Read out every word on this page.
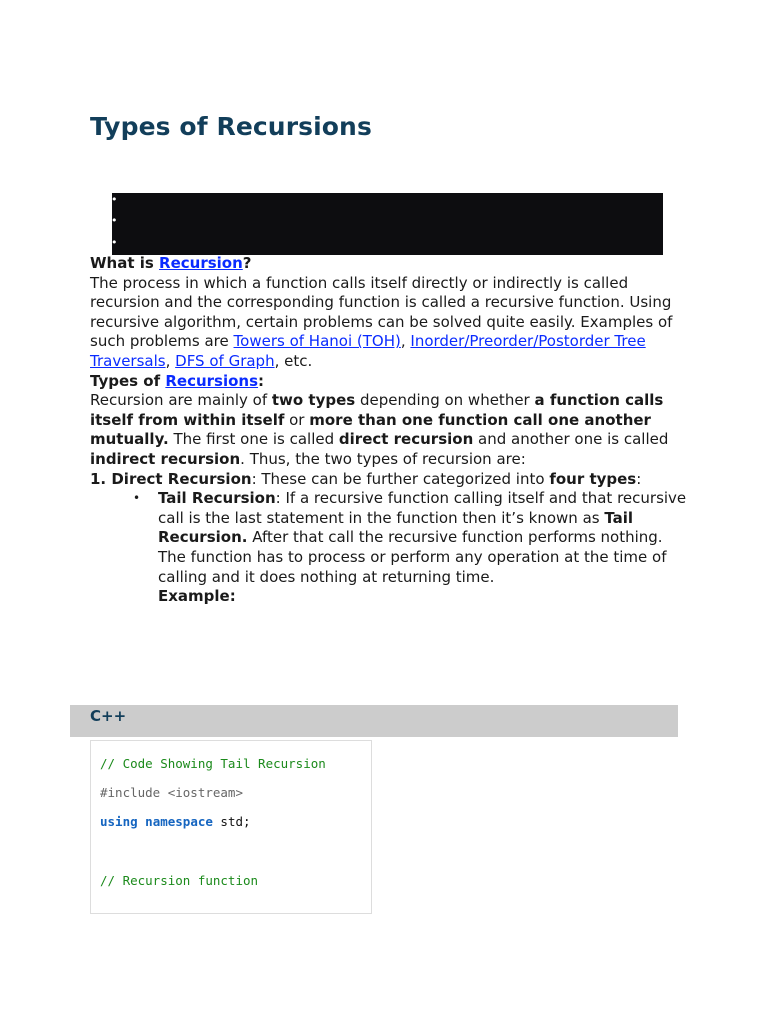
Types of Recursions
•
•
•

What is Recursion?

The process in which a function calls itself directly or indirectly is called recursion and the corresponding function is called a recursive function. Using recursive algorithm, certain problems can be solved quite easily. Examples of such problems are Towers of Hanoi (TOH), Inorder/Preorder/Postorder Tree Traversals, DFS of Graph, etc.

Types of Recursions:

Recursion are mainly of two types depending on whether a function calls itself from within itself or more than one function call one another mutually. The first one is called direct recursion and another one is called indirect recursion. Thus, the two types of recursion are:

1. Direct Recursion: These can be further categorized into four types:

• Tail Recursion: If a recursive function calling itself and that recursive call is the last statement in the function then it’s known as Tail Recursion. After that call the recursive function performs nothing. The function has to process or perform any operation at the time of calling and it does nothing at returning time.
Example:
C++
// Code Showing Tail Recursion
#include <iostream>
using namespace std;
// Recursion function
